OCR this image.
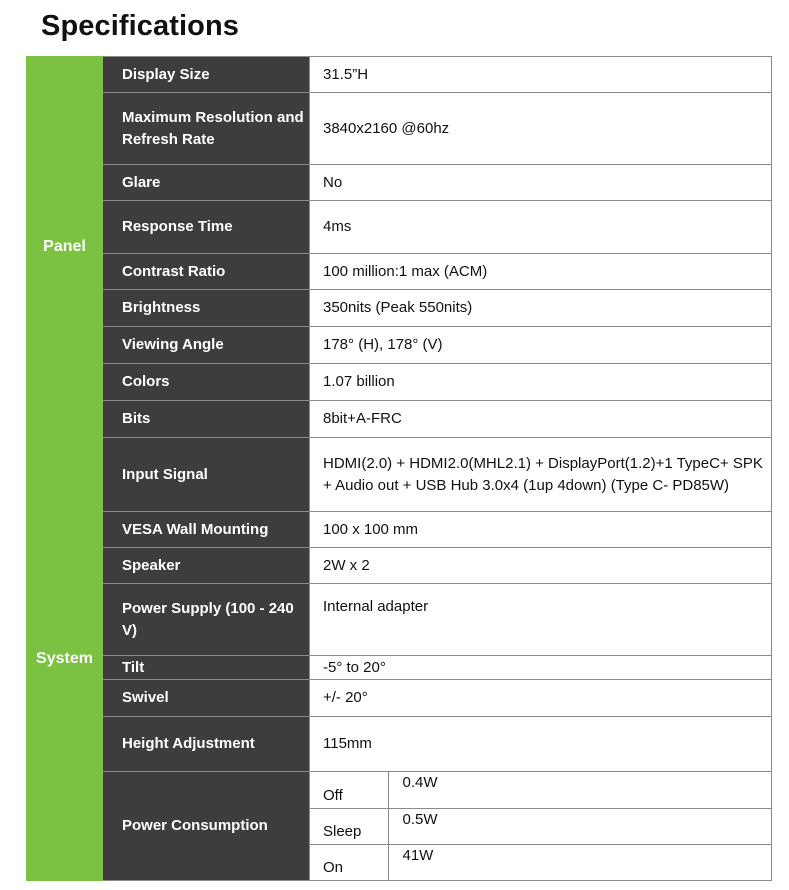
Specifications
Panel	Display Size	31.5”H
Maximum Resolution and Refresh Rate	3840x2160 @60hz
Glare	No
Response Time	4ms
Contrast Ratio	100 million:1 max (ACM)
Brightness	350nits (Peak 550nits)
Viewing Angle	178° (H), 178° (V)
Colors	1.07 billion
Bits	8bit+A-FRC
System	Input Signal	HDMI(2.0) + HDMI2.0(MHL2.1) + DisplayPort(1.2)+1 TypeC+ SPK + Audio out + USB Hub 3.0x4 (1up 4down) (Type C- PD85W)
VESA Wall Mounting	100 x 100 mm
Speaker	2W x 2
Power Supply (100 - 240 V)	Internal adapter
Tilt	-5° to 20°
Swivel	+/- 20°
Height Adjustment	115mm
Power Consumption	
Off	0.4W
Sleep	0.5W
On	41W
